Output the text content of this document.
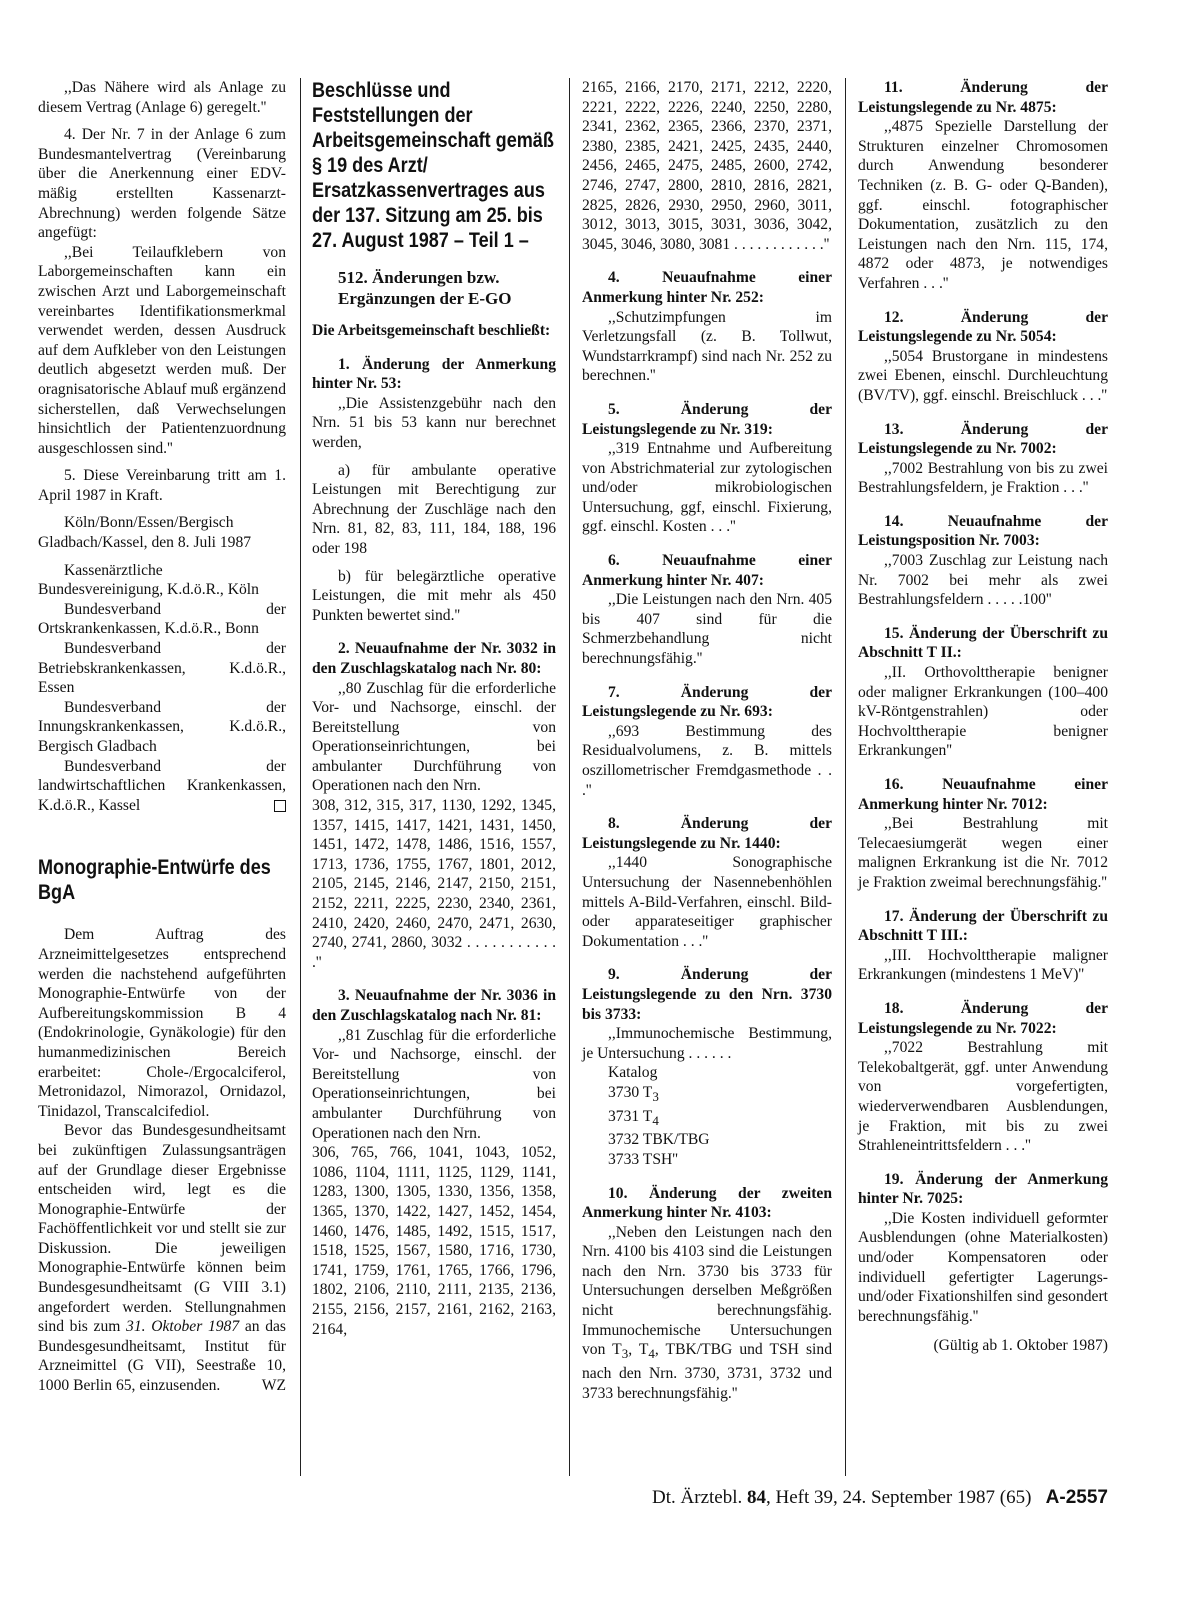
,,Das Nähere wird als Anlage zu diesem Vertrag (Anlage 6) geregelt.''

4. Der Nr. 7 in der Anlage 6 zum Bundesmantelvertrag (Vereinbarung über die Anerkennung einer EDV-mäßig erstellten Kassenarzt-Abrechnung) werden folgende Sätze angefügt:

,,Bei Teilaufklebern von Laborgemeinschaften kann ein zwischen Arzt und Laborgemeinschaft vereinbartes Identifikationsmerkmal verwendet werden, dessen Ausdruck auf dem Aufkleber von den Leistungen deutlich abgesetzt werden muß. Der oragnisatorische Ablauf muß ergänzend sicherstellen, daß Verwechselungen hinsichtlich der Patientenzuordnung ausgeschlossen sind.''

5. Diese Vereinbarung tritt am 1. April 1987 in Kraft.

Köln/Bonn/Essen/Bergisch Gladbach/Kassel, den 8. Juli 1987

Kassenärztliche Bundesvereinigung, K.d.ö.R., Köln

Bundesverband der Ortskrankenkassen, K.d.ö.R., Bonn

Bundesverband der Betriebskrankenkassen, K.d.ö.R., Essen

Bundesverband der Innungskrankenkassen, K.d.ö.R., Bergisch Gladbach

Bundesverband der landwirtschaftlichen Krankenkassen, K.d.ö.R., Kassel

Monographie-Entwürfe des BgA

Dem Auftrag des Arzneimittelgesetzes entsprechend werden die nachstehend aufgeführten Monographie-Entwürfe von der Aufbereitungskommission B 4 (Endokrinologie, Gynäkologie) für den humanmedizinischen Bereich erarbeitet: Chole-/Ergocalciferol, Metronidazol, Nimorazol, Ornidazol, Tinidazol, Transcalcifediol.

Bevor das Bundesgesundheitsamt bei zukünftigen Zulassungsanträgen auf der Grundlage dieser Ergebnisse entscheiden wird, legt es die Monographie-Entwürfe der Fachöffentlichkeit vor und stellt sie zur Diskussion. Die jeweiligen Monographie-Entwürfe können beim Bundesgesundheitsamt (G VIII 3.1) angefordert werden. Stellungnahmen sind bis zum 31. Oktober 1987 an das Bundesgesundheitsamt, Institut für Arzneimittel (G VII), Seestraße 10, 1000 Berlin 65, einzusenden.	WZ

Beschlüsse und Feststellungen der Arbeitsgemeinschaft gemäß § 19 des Arzt/ Ersatzkassenvertrages aus der 137. Sitzung am 25. bis 27. August 1987 – Teil 1 –
512. Änderungen bzw. Ergänzungen der E-GO

Die Arbeitsgemeinschaft beschließt:

1. Änderung der Anmerkung hinter Nr. 53:

,,Die Assistenzgebühr nach den Nrn. 51 bis 53 kann nur berechnet werden,

a) für ambulante operative Leistungen mit Berechtigung zur Abrechnung der Zuschläge nach den Nrn. 81, 82, 83, 111, 184, 188, 196 oder 198

b) für belegärztliche operative Leistungen, die mit mehr als 450 Punkten bewertet sind.''

2. Neuaufnahme der Nr. 3032 in den Zuschlagskatalog nach Nr. 80:

,,80 Zuschlag für die erforderliche Vor- und Nachsorge, einschl. der Bereitstellung von Operationseinrichtungen, bei ambulanter Durchführung von Operationen nach den Nrn.

308, 312, 315, 317, 1130, 1292, 1345, 1357, 1415, 1417, 1421, 1431, 1450, 1451, 1472, 1478, 1486, 1516, 1557, 1713, 1736, 1755, 1767, 1801, 2012, 2105, 2145, 2146, 2147, 2150, 2151, 2152, 2211, 2225, 2230, 2340, 2361, 2410, 2420, 2460, 2470, 2471, 2630, 2740, 2741, 2860, 3032 . . . . . . . . . . . .''

3. Neuaufnahme der Nr. 3036 in den Zuschlagskatalog nach Nr. 81:

,,81 Zuschlag für die erforderliche Vor- und Nachsorge, einschl. der Bereitstellung von Operationseinrichtungen, bei ambulanter Durchführung von Operationen nach den Nrn.

306, 765, 766, 1041, 1043, 1052, 1086, 1104, 1111, 1125, 1129, 1141, 1283, 1300, 1305, 1330, 1356, 1358, 1365, 1370, 1422, 1427, 1452, 1454, 1460, 1476, 1485, 1492, 1515, 1517, 1518, 1525, 1567, 1580, 1716, 1730, 1741, 1759, 1761, 1765, 1766, 1796, 1802, 2106, 2110, 2111, 2135, 2136, 2155, 2156, 2157, 2161, 2162, 2163, 2164,

2165, 2166, 2170, 2171, 2212, 2220, 2221, 2222, 2226, 2240, 2250, 2280, 2341, 2362, 2365, 2366, 2370, 2371, 2380, 2385, 2421, 2425, 2435, 2440, 2456, 2465, 2475, 2485, 2600, 2742, 2746, 2747, 2800, 2810, 2816, 2821, 2825, 2826, 2930, 2950, 2960, 3011, 3012, 3013, 3015, 3031, 3036, 3042, 3045, 3046, 3080, 3081 . . . . . . . . . . . .''

4. Neuaufnahme einer Anmerkung hinter Nr. 252:

,,Schutzimpfungen im Verletzungsfall (z. B. Tollwut, Wundstarrkrampf) sind nach Nr. 252 zu berechnen.''

5. Änderung der Leistungslegende zu Nr. 319:

,,319 Entnahme und Aufbereitung von Abstrichmaterial zur zytologischen und/oder mikrobiologischen Untersuchung, ggf, einschl. Fixierung, ggf. einschl. Kosten . . .''

6. Neuaufnahme einer Anmerkung hinter Nr. 407:

,,Die Leistungen nach den Nrn. 405 bis 407 sind für die Schmerzbehandlung nicht berechnungsfähig.''

7. Änderung der Leistungslegende zu Nr. 693:

,,693 Bestimmung des Residualvolumens, z. B. mittels oszillometrischer Fremdgasmethode . . .''

8. Änderung der Leistungslegende zu Nr. 1440:

,,1440 Sonographische Untersuchung der Nasennebenhöhlen mittels A-Bild-Verfahren, einschl. Bild- oder apparateseitiger graphischer Dokumentation . . .''

9. Änderung der Leistungslegende zu den Nrn. 3730 bis 3733:

,,Immunochemische Bestimmung, je Untersuchung . . . . . .

Katalog
3730 $T_3$
3731 $T_4$
3732 TBK/TBG
3733 TSH''

10. Änderung der zweiten Anmerkung hinter Nr. 4103:

,,Neben den Leistungen nach den Nrn. 4100 bis 4103 sind die Leistungen nach den Nrn. 3730 bis 3733 für Untersuchungen derselben Meßgrößen nicht berechnungsfähig. Immunochemische Untersuchungen von $T_3$, $T_4$, TBK/TBG und TSH sind nach den Nrn. 3730, 3731, 3732 und 3733 berechnungsfähig.''

11. Änderung der Leistungslegende zu Nr. 4875:

,,4875 Spezielle Darstellung der Strukturen einzelner Chromosomen durch Anwendung besonderer Techniken (z. B. G- oder Q-Banden), ggf. einschl. fotographischer Dokumentation, zusätzlich zu den Leistungen nach den Nrn. 115, 174, 4872 oder 4873, je notwendiges Verfahren . . .''

12. Änderung der Leistungslegende zu Nr. 5054:

,,5054 Brustorgane in mindestens zwei Ebenen, einschl. Durchleuchtung (BV/TV), ggf. einschl. Breischluck . . .''

13. Änderung der Leistungslegende zu Nr. 7002:

,,7002 Bestrahlung von bis zu zwei Bestrahlungsfeldern, je Fraktion . . .''

14. Neuaufnahme der Leistungsposition Nr. 7003:

,,7003 Zuschlag zur Leistung nach Nr. 7002 bei mehr als zwei Bestrahlungsfeldern . . . . .100''

15. Änderung der Überschrift zu Abschnitt T II.:

,,II. Orthovolttherapie benigner oder maligner Erkrankungen (100–400 kV-Röntgenstrahlen) oder Hochvolttherapie benigner Erkrankungen''

16. Neuaufnahme einer Anmerkung hinter Nr. 7012:

,,Bei Bestrahlung mit Telecaesiumgerät wegen einer malignen Erkrankung ist die Nr. 7012 je Fraktion zweimal berechnungsfähig.''

17. Änderung der Überschrift zu Abschnitt T III.:

,,III. Hochvolttherapie maligner Erkrankungen (mindestens 1 MeV)''

18. Änderung der Leistungslegende zu Nr. 7022:

,,7022 Bestrahlung mit Telekobaltgerät, ggf. unter Anwendung von vorgefertigten, wiederverwendbaren Ausblendungen, je Fraktion, mit bis zu zwei Strahleneintrittsfeldern . . .''

19. Änderung der Anmerkung hinter Nr. 7025:

,,Die Kosten individuell geformter Ausblendungen (ohne Materialkosten) und/oder Kompensatoren oder individuell gefertigter Lagerungs- und/oder Fixationshilfen sind gesondert berechnungsfähig.''

(Gültig ab 1. Oktober 1987)

Dt. Ärztebl. 84, Heft 39, 24. September 1987 (65) A-2557
